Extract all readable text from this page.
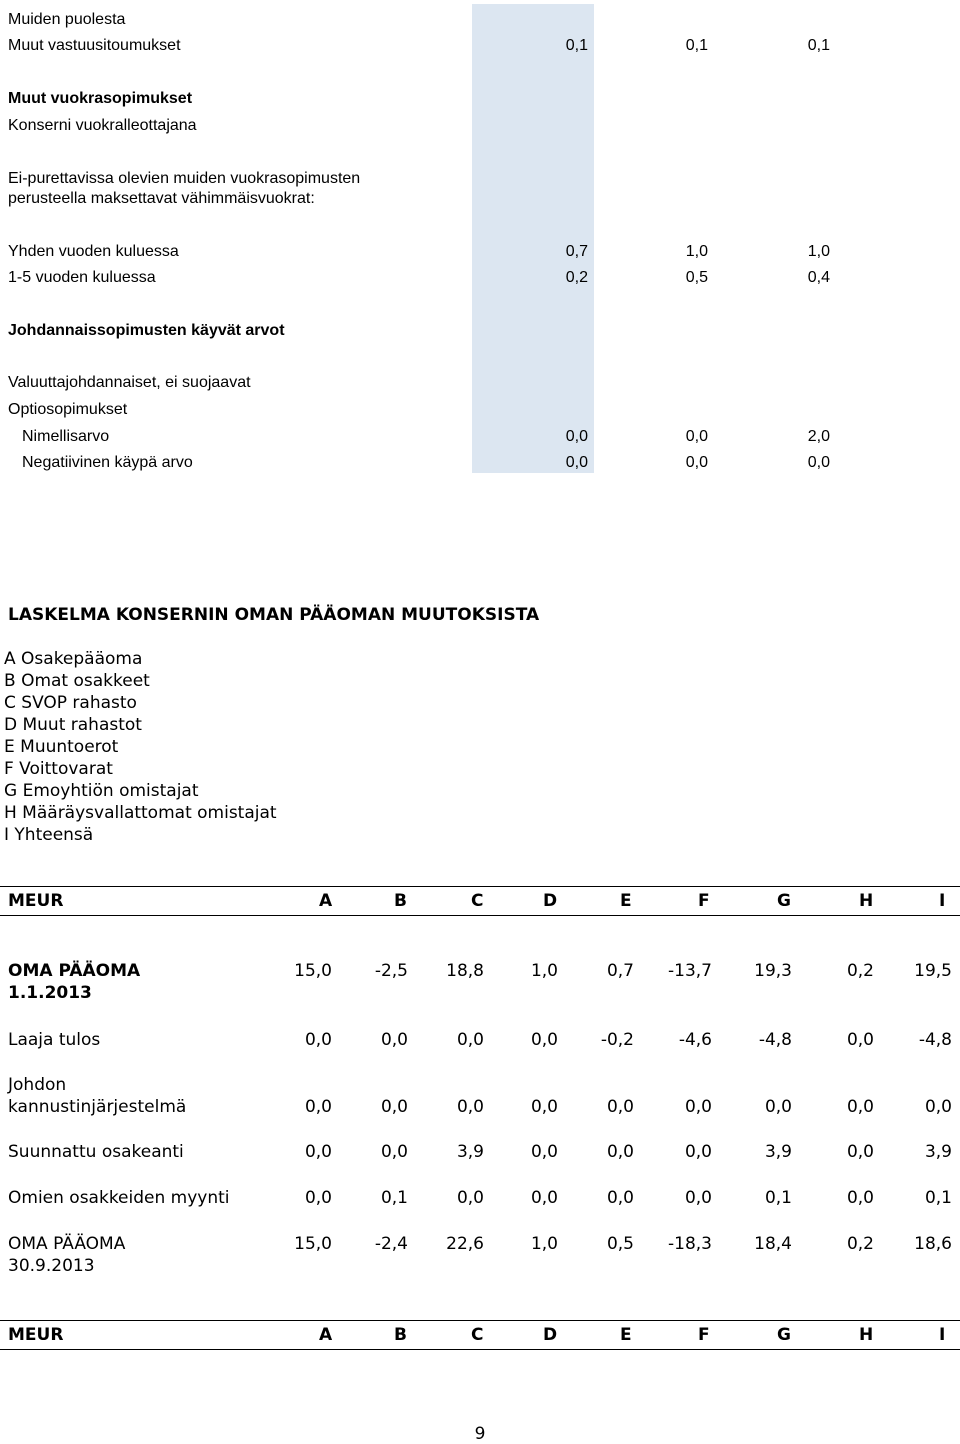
Muiden puolesta
Muut vastuusitoumukset	0,1	0,1	0,1
Muut vuokrasopimukset
Konserni vuokralleottajana
Ei-purettavissa olevien muiden vuokrasopimusten
perusteella maksettavat vähimmäisvuokrat:
Yhden vuoden kuluessa	0,7	1,0	1,0
1-5 vuoden kuluessa	0,2	0,5	0,4
Johdannaissopimusten käyvät arvot
Valuuttajohdannaiset, ei suojaavat
Optiosopimukset
Nimellisarvo	0,0	0,0	2,0
Negatiivinen käypä arvo	0,0	0,0	0,0
LASKELMA KONSERNIN OMAN PÄÄOMAN MUUTOKSISTA
A Osakepääoma
B Omat osakkeet
C SVOP rahasto
D Muut rahastot
E Muuntoerot
F Voittovarat
G Emoyhtiön omistajat
H Määräysvallattomat omistajat
I Yhteensä
MEUR	A	B	C	D	E	F	G	H	I
OMA PÄÄOMA
1.1.2013
15,0	-2,5	18,8	1,0	0,7	-13,7	19,3	0,2	19,5
Laaja tulos	0,0	0,0	0,0	0,0	-0,2	-4,6	-4,8	0,0	-4,8
Johdon
kannustinjärjestelmä	0,0	0,0	0,0	0,0	0,0	0,0	0,0	0,0	0,0
Suunnattu osakeanti	0,0	0,0	3,9	0,0	0,0	0,0	3,9	0,0	3,9
Omien osakkeiden myynti	0,0	0,1	0,0	0,0	0,0	0,0	0,1	0,0	0,1
OMA PÄÄOMA
30.9.2013
15,0	-2,4	22,6	1,0	0,5	-18,3	18,4	0,2	18,6
MEUR	A	B	C	D	E	F	G	H	I
9
